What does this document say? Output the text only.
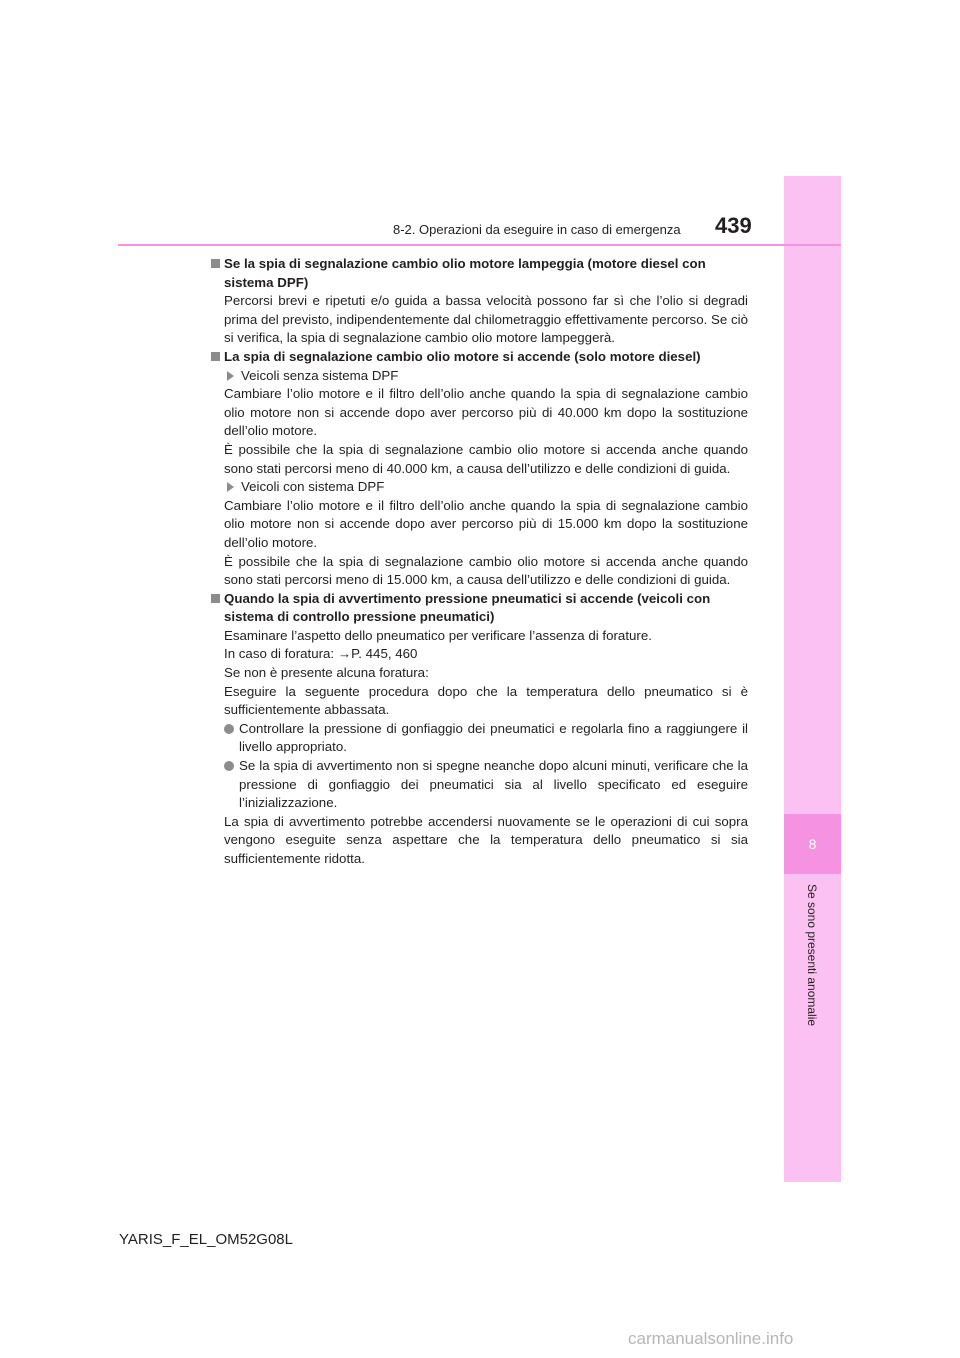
8
Se sono presenti anomalie
8-2. Operazioni da eseguire in caso di emergenza 439

Se la spia di segnalazione cambio olio motore lampeggia (motore diesel con sistema DPF)

Percorsi brevi e ripetuti e/o guida a bassa velocità possono far sì che l’olio si degradi prima del previsto, indipendentemente dal chilometraggio effettivamente percorso. Se ciò si verifica, la spia di segnalazione cambio olio motore lampeggerà.

La spia di segnalazione cambio olio motore si accende (solo motore diesel)

Veicoli senza sistema DPF

Cambiare l’olio motore e il filtro dell’olio anche quando la spia di segnalazione cambio olio motore non si accende dopo aver percorso più di 40.000 km dopo la sostituzione dell’olio motore.

È possibile che la spia di segnalazione cambio olio motore si accenda anche quando sono stati percorsi meno di 40.000 km, a causa dell’utilizzo e delle condizioni di guida.

Veicoli con sistema DPF

Cambiare l’olio motore e il filtro dell’olio anche quando la spia di segnalazione cambio olio motore non si accende dopo aver percorso più di 15.000 km dopo la sostituzione dell’olio motore.

È possibile che la spia di segnalazione cambio olio motore si accenda anche quando sono stati percorsi meno di 15.000 km, a causa dell’utilizzo e delle condizioni di guida.

Quando la spia di avvertimento pressione pneumatici si accende (veicoli con sistema di controllo pressione pneumatici)

Esaminare l’aspetto dello pneumatico per verificare l’assenza di forature.

In caso di foratura: →P. 445, 460

Se non è presente alcuna foratura:

Eseguire la seguente procedura dopo che la temperatura dello pneumatico si è sufficientemente abbassata.

Controllare la pressione di gonfiaggio dei pneumatici e regolarla fino a raggiungere il livello appropriato.

Se la spia di avvertimento non si spegne neanche dopo alcuni minuti, verificare che la pressione di gonfiaggio dei pneumatici sia al livello specificato ed eseguire l’inizializzazione.

La spia di avvertimento potrebbe accendersi nuovamente se le operazioni di cui sopra vengono eseguite senza aspettare che la temperatura dello pneumatico si sia sufficientemente ridotta.

YARIS_F_EL_OM52G08L
carmanualsonline.info
